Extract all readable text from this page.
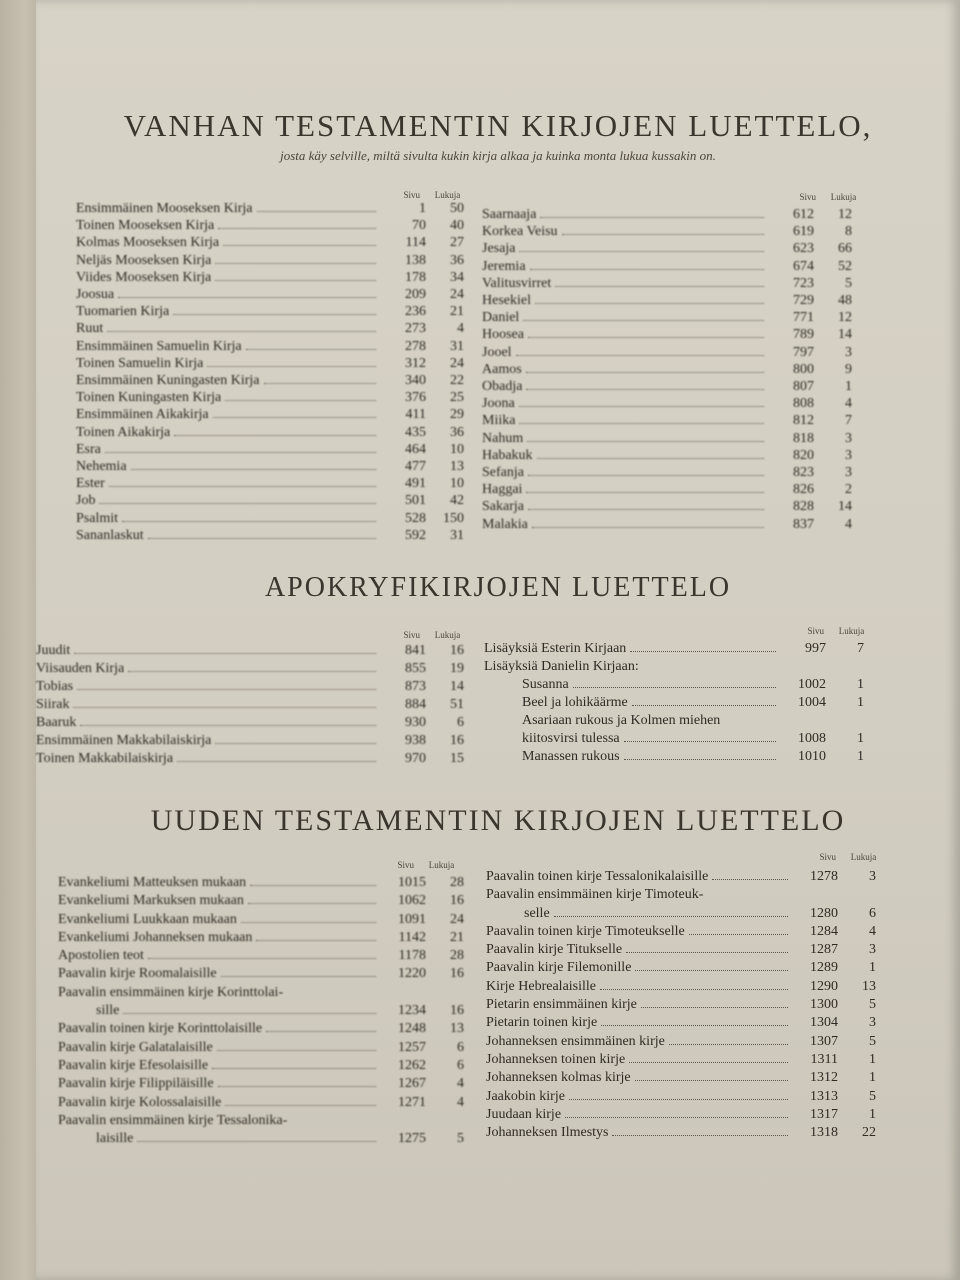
VANHAN TESTAMENTIN KIRJOJEN LUETTELO,
josta käy selville, miltä sivulta kukin kirja alkaa ja kuinka monta lukua kussakin on.
Sivu Lukuja
Ensimmäinen Mooseksen Kirja	1	50
Toinen Mooseksen Kirja	70	40
Kolmas Mooseksen Kirja	114	27
Neljäs Mooseksen Kirja	138	36
Viides Mooseksen Kirja	178	34
Joosua	209	24
Tuomarien Kirja	236	21
Ruut	273	4
Ensimmäinen Samuelin Kirja	278	31
Toinen Samuelin Kirja	312	24
Ensimmäinen Kuningasten Kirja	340	22
Toinen Kuningasten Kirja	376	25
Ensimmäinen Aikakirja	411	29
Toinen Aikakirja	435	36
Esra	464	10
Nehemia	477	13
Ester	491	10
Job	501	42
Psalmit	528	150
Sananlaskut	592	31
Sivu Lukuja
Saarnaaja	612	12
Korkea Veisu	619	8
Jesaja	623	66
Jeremia	674	52
Valitusvirret	723	5
Hesekiel	729	48
Daniel	771	12
Hoosea	789	14
Jooel	797	3
Aamos	800	9
Obadja	807	1
Joona	808	4
Miika	812	7
Nahum	818	3
Habakuk	820	3
Sefanja	823	3
Haggai	826	2
Sakarja	828	14
Malakia	837	4
APOKRYFIKIRJOJEN LUETTELO
Sivu Lukuja
Juudit	841	16
Viisauden Kirja	855	19
Tobias	873	14
Siirak	884	51
Baaruk	930	6
Ensimmäinen Makkabilaiskirja	938	16
Toinen Makkabilaiskirja	970	15
Sivu Lukuja
Lisäyksiä Esterin Kirjaan	997	7
Lisäyksiä Danielin Kirjaan:
Susanna	1002	1
Beel ja lohikäärme	1004	1
Asariaan rukous ja Kolmen miehen
kiitosvirsi tulessa	1008	1
Manassen rukous	1010	1
UUDEN TESTAMENTIN KIRJOJEN LUETTELO
Sivu Lukuja
Evankeliumi Matteuksen mukaan	1015	28
Evankeliumi Markuksen mukaan	1062	16
Evankeliumi Luukkaan mukaan	1091	24
Evankeliumi Johanneksen mukaan	1142	21
Apostolien teot	1178	28
Paavalin kirje Roomalaisille	1220	16
Paavalin ensimmäinen kirje Korinttolai-
sille	1234	16
Paavalin toinen kirje Korinttolaisille	1248	13
Paavalin kirje Galatalaisille	1257	6
Paavalin kirje Efesolaisille	1262	6
Paavalin kirje Filippiläisille	1267	4
Paavalin kirje Kolossalaisille	1271	4
Paavalin ensimmäinen kirje Tessalonika-
laisille	1275	5
Sivu Lukuja
Paavalin toinen kirje Tessalonikalaisille	1278	3
Paavalin ensimmäinen kirje Timoteuk-
selle	1280	6
Paavalin toinen kirje Timoteukselle	1284	4
Paavalin kirje Titukselle	1287	3
Paavalin kirje Filemonille	1289	1
Kirje Hebrealaisille	1290	13
Pietarin ensimmäinen kirje	1300	5
Pietarin toinen kirje	1304	3
Johanneksen ensimmäinen kirje	1307	5
Johanneksen toinen kirje	1311	1
Johanneksen kolmas kirje	1312	1
Jaakobin kirje	1313	5
Juudaan kirje	1317	1
Johanneksen Ilmestys	1318	22
